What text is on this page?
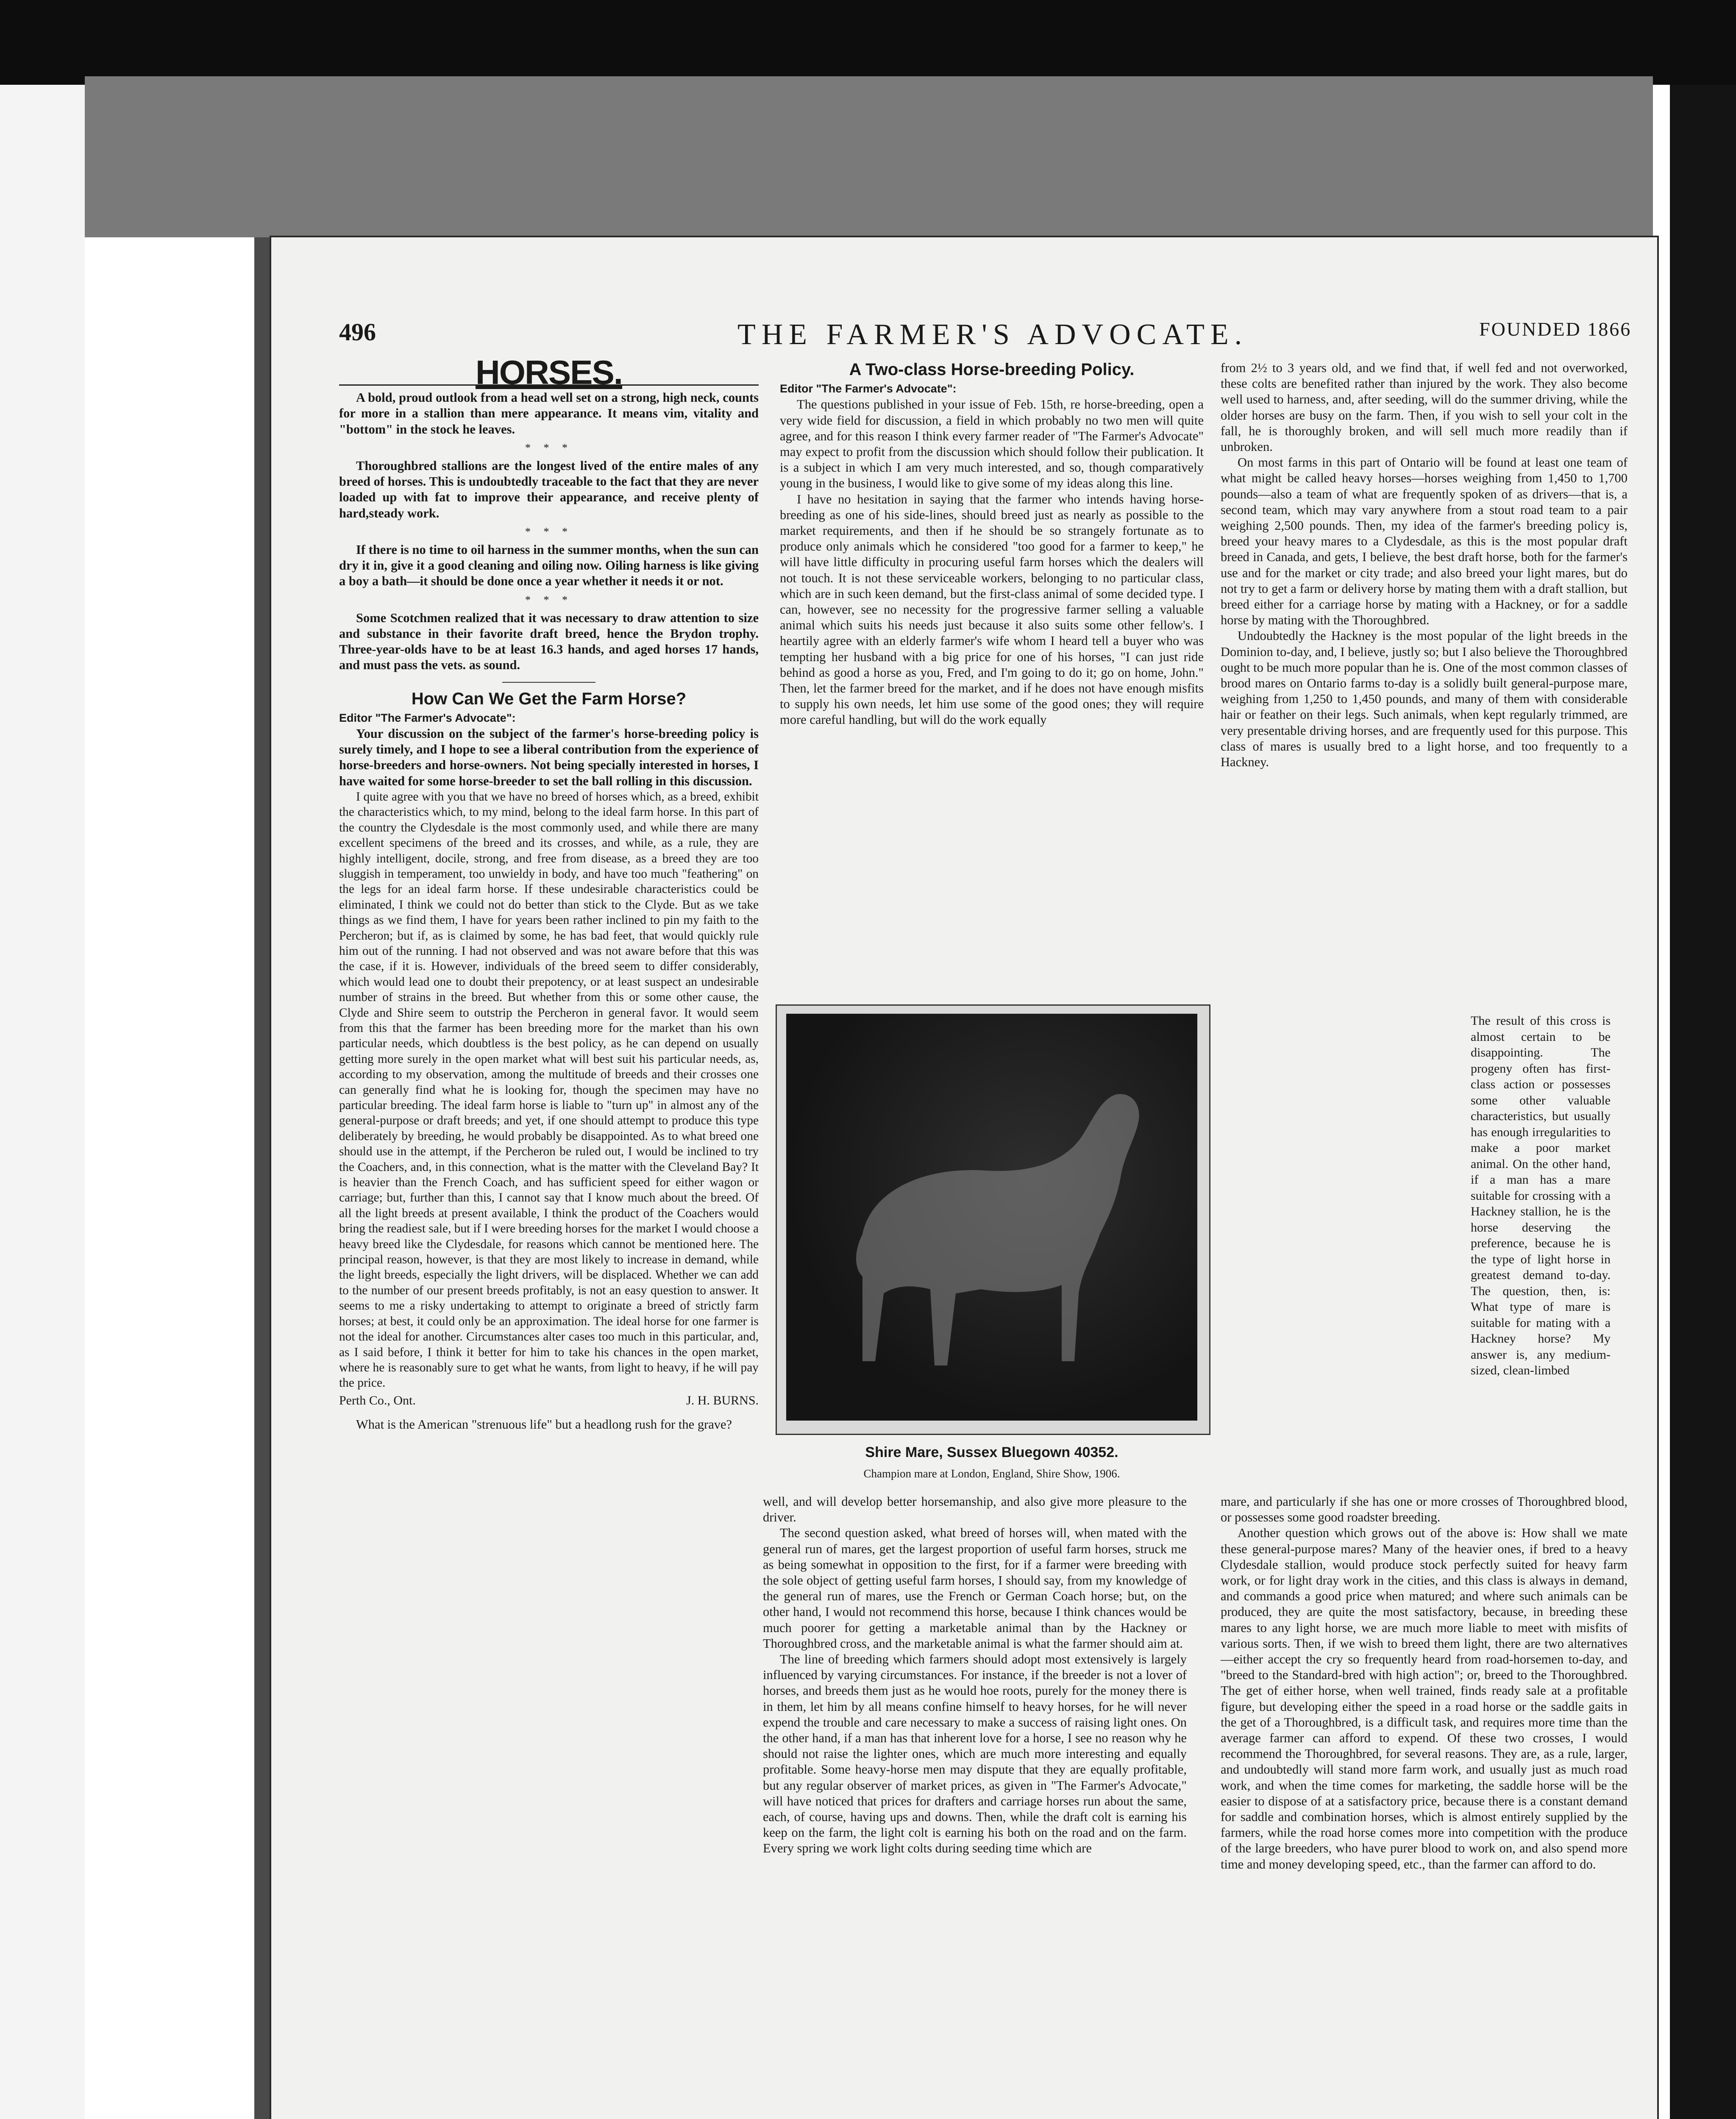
496	THE FARMER'S ADVOCATE.	FOUNDED 1866
HORSES.

A bold, proud outlook from a head well set on a strong, high neck, counts for more in a stallion than mere appearance. It means vim, vitality and "bottom" in the stock he leaves.

* * *

Thoroughbred stallions are the longest lived of the entire males of any breed of horses. This is undoubtedly traceable to the fact that they are never loaded up with fat to improve their appearance, and receive plenty of hard,steady work.

* * *

If there is no time to oil harness in the summer months, when the sun can dry it in, give it a good cleaning and oiling now. Oiling harness is like giving a boy a bath—it should be done once a year whether it needs it or not.

* * *

Some Scotchmen realized that it was necessary to draw attention to size and substance in their favorite draft breed, hence the Brydon trophy. Three-year-olds have to be at least 16.3 hands, and aged horses 17 hands, and must pass the vets. as sound.

How Can We Get the Farm Horse?

Editor "The Farmer's Advocate":

Your discussion on the subject of the farmer's horse-breeding policy is surely timely, and I hope to see a liberal contribution from the experience of horse-breeders and horse-owners. Not being specially interested in horses, I have waited for some horse-breeder to set the ball rolling in this discussion.

I quite agree with you that we have no breed of horses which, as a breed, exhibit the characteristics which, to my mind, belong to the ideal farm horse. In this part of the country the Clydesdale is the most commonly used, and while there are many excellent specimens of the breed and its crosses, and while, as a rule, they are highly intelligent, docile, strong, and free from disease, as a breed they are too sluggish in temperament, too unwieldy in body, and have too much "feathering" on the legs for an ideal farm horse. If these undesirable characteristics could be eliminated, I think we could not do better than stick to the Clyde. But as we take things as we find them, I have for years been rather inclined to pin my faith to the Percheron; but if, as is claimed by some, he has bad feet, that would quickly rule him out of the running. I had not observed and was not aware before that this was the case, if it is. However, individuals of the breed seem to differ considerably, which would lead one to doubt their prepotency, or at least suspect an undesirable number of strains in the breed. But whether from this or some other cause, the Clyde and Shire seem to outstrip the Percheron in general favor. It would seem from this that the farmer has been breeding more for the market than his own particular needs, which doubtless is the best policy, as he can depend on usually getting more surely in the open market what will best suit his particular needs, as, according to my observation, among the multitude of breeds and their crosses one can generally find what he is looking for, though the specimen may have no particular breeding. The ideal farm horse is liable to "turn up" in almost any of the general-purpose or draft breeds; and yet, if one should attempt to produce this type deliberately by breeding, he would probably be disappointed. As to what breed one should use in the attempt, if the Percheron be ruled out, I would be inclined to try the Coachers, and, in this connection, what is the matter with the Cleveland Bay? It is heavier than the French Coach, and has sufficient speed for either wagon or carriage; but, further than this, I cannot say that I know much about the breed. Of all the light breeds at present available, I think the product of the Coachers would bring the readiest sale, but if I were breeding horses for the market I would choose a heavy breed like the Clydesdale, for reasons which cannot be mentioned here. The principal reason, however, is that they are most likely to increase in demand, while the light breeds, especially the light drivers, will be displaced. Whether we can add to the number of our present breeds profitably, is not an easy question to answer. It seems to me a risky undertaking to attempt to originate a breed of strictly farm horses; at best, it could only be an approximation. The ideal horse for one farmer is not the ideal for another. Circumstances alter cases too much in this particular, and, as I said before, I think it better for him to take his chances in the open market, where he is reasonably sure to get what he wants, from light to heavy, if he will pay the price.

Perth Co., Ont.	J. H. BURNS.

What is the American "strenuous life" but a headlong rush for the grave?

A Two-class Horse-breeding Policy.

Editor "The Farmer's Advocate":

The questions published in your issue of Feb. 15th, re horse-breeding, open a very wide field for discussion, a field in which probably no two men will quite agree, and for this reason I think every farmer reader of "The Farmer's Advocate" may expect to profit from the discussion which should follow their publication. It is a subject in which I am very much interested, and so, though comparatively young in the business, I would like to give some of my ideas along this line.

I have no hesitation in saying that the farmer who intends having horse-breeding as one of his side-lines, should breed just as nearly as possible to the market requirements, and then if he should be so strangely fortunate as to produce only animals which he considered "too good for a farmer to keep," he will have little difficulty in procuring useful farm horses which the dealers will not touch. It is not these serviceable workers, belonging to no particular class, which are in such keen demand, but the first-class animal of some decided type. I can, however, see no necessity for the progressive farmer selling a valuable animal which suits his needs just because it also suits some other fellow's. I heartily agree with an elderly farmer's wife whom I heard tell a buyer who was tempting her husband with a big price for one of his horses, "I can just ride behind as good a horse as you, Fred, and I'm going to do it; go on home, John." Then, let the farmer breed for the market, and if he does not have enough misfits to supply his own needs, let him use some of the good ones; they will require more careful handling, but will do the work equally

Shire Mare, Sussex Bluegown 40352.
Champion mare at London, England, Shire Show, 1906.

from 2½ to 3 years old, and we find that, if well fed and not overworked, these colts are benefited rather than injured by the work. They also become well used to harness, and, after seeding, will do the summer driving, while the older horses are busy on the farm. Then, if you wish to sell your colt in the fall, he is thoroughly broken, and will sell much more readily than if unbroken.

On most farms in this part of Ontario will be found at least one team of what might be called heavy horses—horses weighing from 1,450 to 1,700 pounds—also a team of what are frequently spoken of as drivers—that is, a second team, which may vary anywhere from a stout road team to a pair weighing 2,500 pounds. Then, my idea of the farmer's breeding policy is, breed your heavy mares to a Clydesdale, as this is the most popular draft breed in Canada, and gets, I believe, the best draft horse, both for the farmer's use and for the market or city trade; and also breed your light mares, but do not try to get a farm or delivery horse by mating them with a draft stallion, but breed either for a carriage horse by mating with a Hackney, or for a saddle horse by mating with the Thoroughbred.

Undoubtedly the Hackney is the most popular of the light breeds in the Dominion to-day, and, I believe, justly so; but I also believe the Thoroughbred ought to be much more popular than he is. One of the most common classes of brood mares on Ontario farms to-day is a solidly built general-purpose mare, weighing from 1,250 to 1,450 pounds, and many of them with considerable hair or feather on their legs. Such animals, when kept regularly trimmed, are very presentable driving horses, and are frequently used for this purpose. This class of mares is usually bred to a light horse, and too frequently to a Hackney.

The result of this cross is almost certain to be disappointing. The progeny often has first-class action or possesses some other valuable characteristics, but usually has enough irregularities to make a poor market animal. On the other hand, if a man has a mare suitable for crossing with a Hackney stallion, he is the horse deserving the preference, because he is the type of light horse in greatest demand to-day. The question, then, is: What type of mare is suitable for mating with a Hackney horse? My answer is, any medium-sized, clean-limbed

well, and will develop better horsemanship, and also give more pleasure to the driver.

The second question asked, what breed of horses will, when mated with the general run of mares, get the largest proportion of useful farm horses, struck me as being somewhat in opposition to the first, for if a farmer were breeding with the sole object of getting useful farm horses, I should say, from my knowledge of the general run of mares, use the French or German Coach horse; but, on the other hand, I would not recommend this horse, because I think chances would be much poorer for getting a marketable animal than by the Hackney or Thoroughbred cross, and the marketable animal is what the farmer should aim at.

The line of breeding which farmers should adopt most extensively is largely influenced by varying circumstances. For instance, if the breeder is not a lover of horses, and breeds them just as he would hoe roots, purely for the money there is in them, let him by all means confine himself to heavy horses, for he will never expend the trouble and care necessary to make a success of raising light ones. On the other hand, if a man has that inherent love for a horse, I see no reason why he should not raise the lighter ones, which are much more interesting and equally profitable. Some heavy-horse men may dispute that they are equally profitable, but any regular observer of market prices, as given in "The Farmer's Advocate," will have noticed that prices for drafters and carriage horses run about the same, each, of course, having ups and downs. Then, while the draft colt is earning his keep on the farm, the light colt is earning his both on the road and on the farm. Every spring we work light colts during seeding time which are

mare, and particularly if she has one or more crosses of Thoroughbred blood, or possesses some good roadster breeding.

Another question which grows out of the above is: How shall we mate these general-purpose mares? Many of the heavier ones, if bred to a heavy Clydesdale stallion, would produce stock perfectly suited for heavy farm work, or for light dray work in the cities, and this class is always in demand, and commands a good price when matured; and where such animals can be produced, they are quite the most satisfactory, because, in breeding these mares to any light horse, we are much more liable to meet with misfits of various sorts. Then, if we wish to breed them light, there are two alternatives—either accept the cry so frequently heard from road-horsemen to-day, and "breed to the Standard-bred with high action"; or, breed to the Thoroughbred. The get of either horse, when well trained, finds ready sale at a profitable figure, but developing either the speed in a road horse or the saddle gaits in the get of a Thoroughbred, is a difficult task, and requires more time than the average farmer can afford to expend. Of these two crosses, I would recommend the Thoroughbred, for several reasons. They are, as a rule, larger, and undoubtedly will stand more farm work, and usually just as much road work, and when the time comes for marketing, the saddle horse will be the easier to dispose of at a satisfactory price, because there is a constant demand for saddle and combination horses, which is almost entirely supplied by the farmers, while the road horse comes more into competition with the produce of the large breeders, who have purer blood to work on, and also spend more time and money developing speed, etc., than the farmer can afford to do.
